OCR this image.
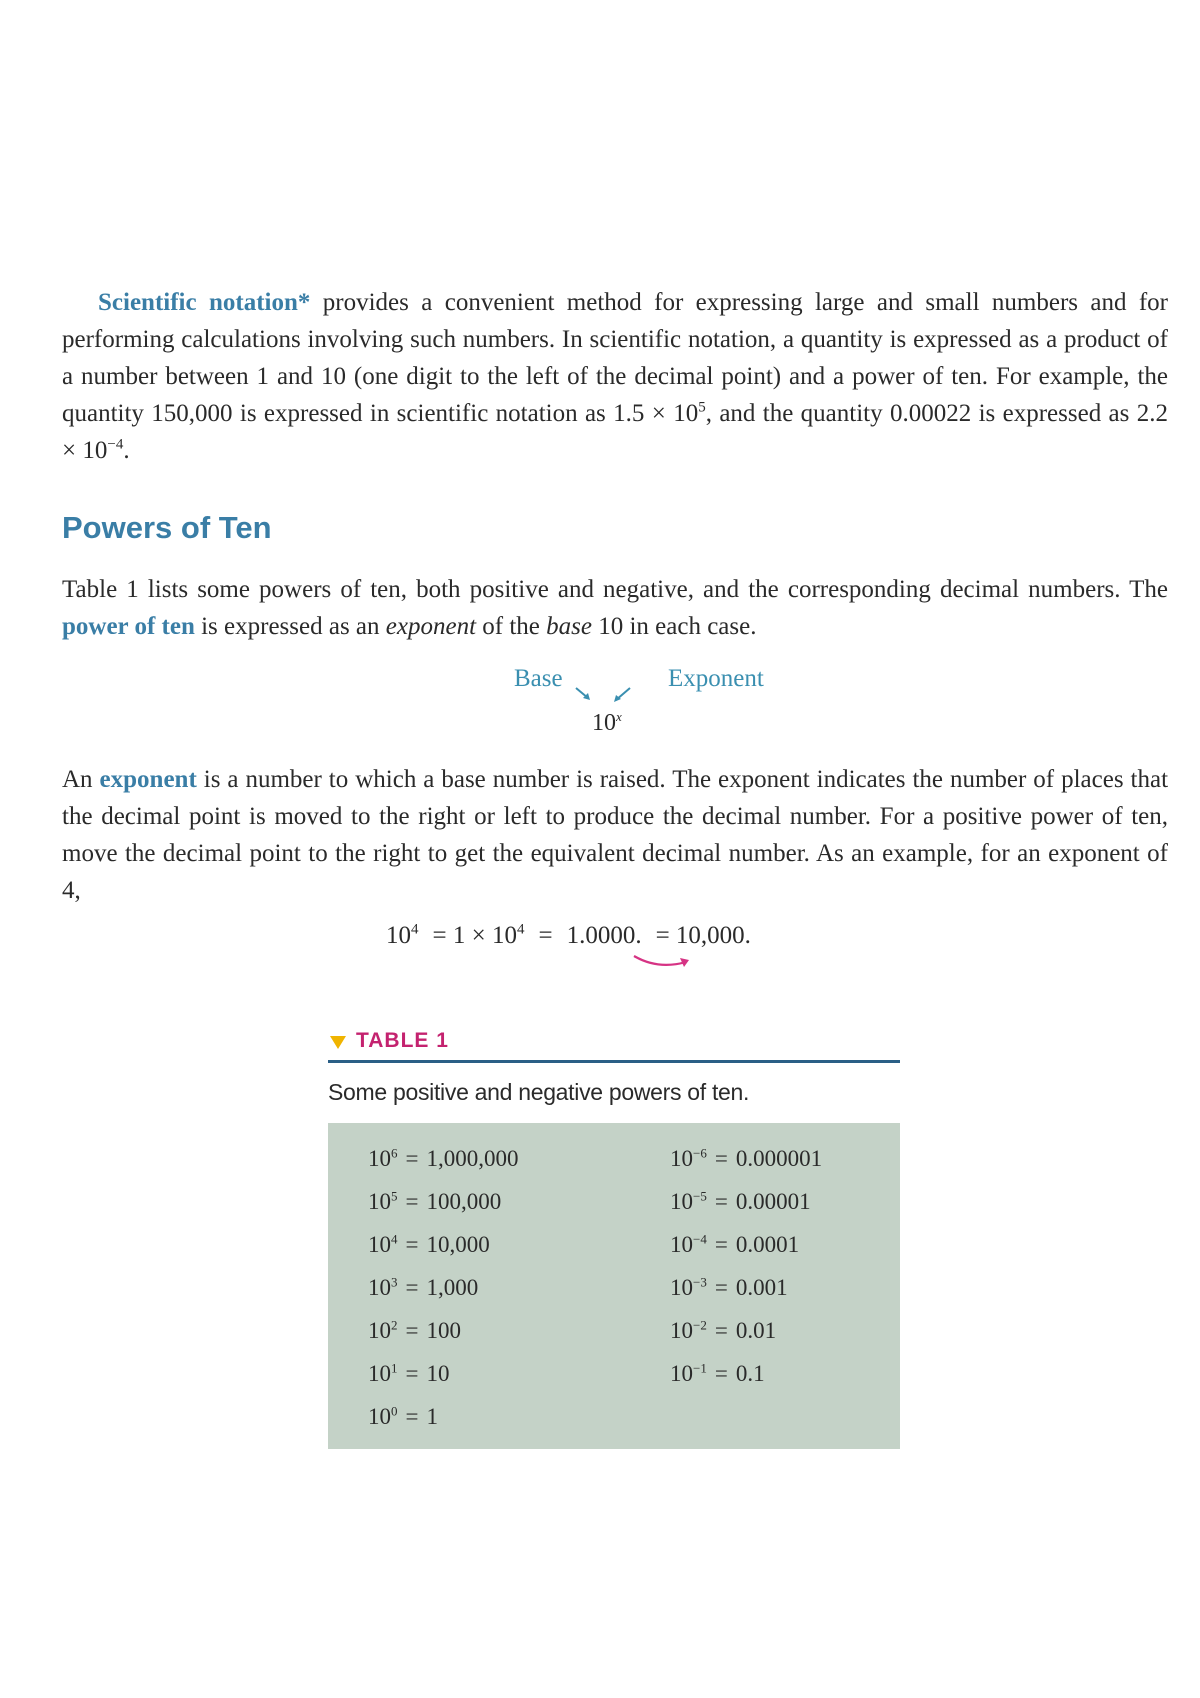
Scientific notation* provides a convenient method for expressing large and small numbers and for performing calculations involving such numbers. In scientific notation, a quantity is expressed as a product of a number between 1 and 10 (one digit to the left of the decimal point) and a power of ten. For example, the quantity 150,000 is expressed in scientific notation as $1.5 \times 10^5$, and the quantity 0.00022 is expressed as $2.2 \times 10^{-4}$.

Powers of Ten

Table 1 lists some powers of ten, both positive and negative, and the corresponding decimal numbers. The power of ten is expressed as an exponent of the base 10 in each case.

Base	Exponent
10$^x$

An exponent is a number to which a base number is raised. The exponent indicates the number of places that the decimal point is moved to the right or left to produce the decimal number. For a positive power of ten, move the decimal point to the right to get the equivalent decimal number. As an example, for an exponent of 4,

$10^4 = 1 \times 10^4 = 1.0000$. = 10,000.
TABLE 1
Some positive and negative powers of ten.
$10^6 = 1,000,000$
$10^5 = 100,000$
$10^4 = 10,000$
$10^3 = 1,000$
$10^2 = 100$
$10^1 = 10$
$10^0 = 1$
$10^{-6} = 0.000001$
$10^{-5} = 0.00001$
$10^{-4} = 0.0001$
$10^{-3} = 0.001$
$10^{-2} = 0.01$
$10^{-1} = 0.1$
